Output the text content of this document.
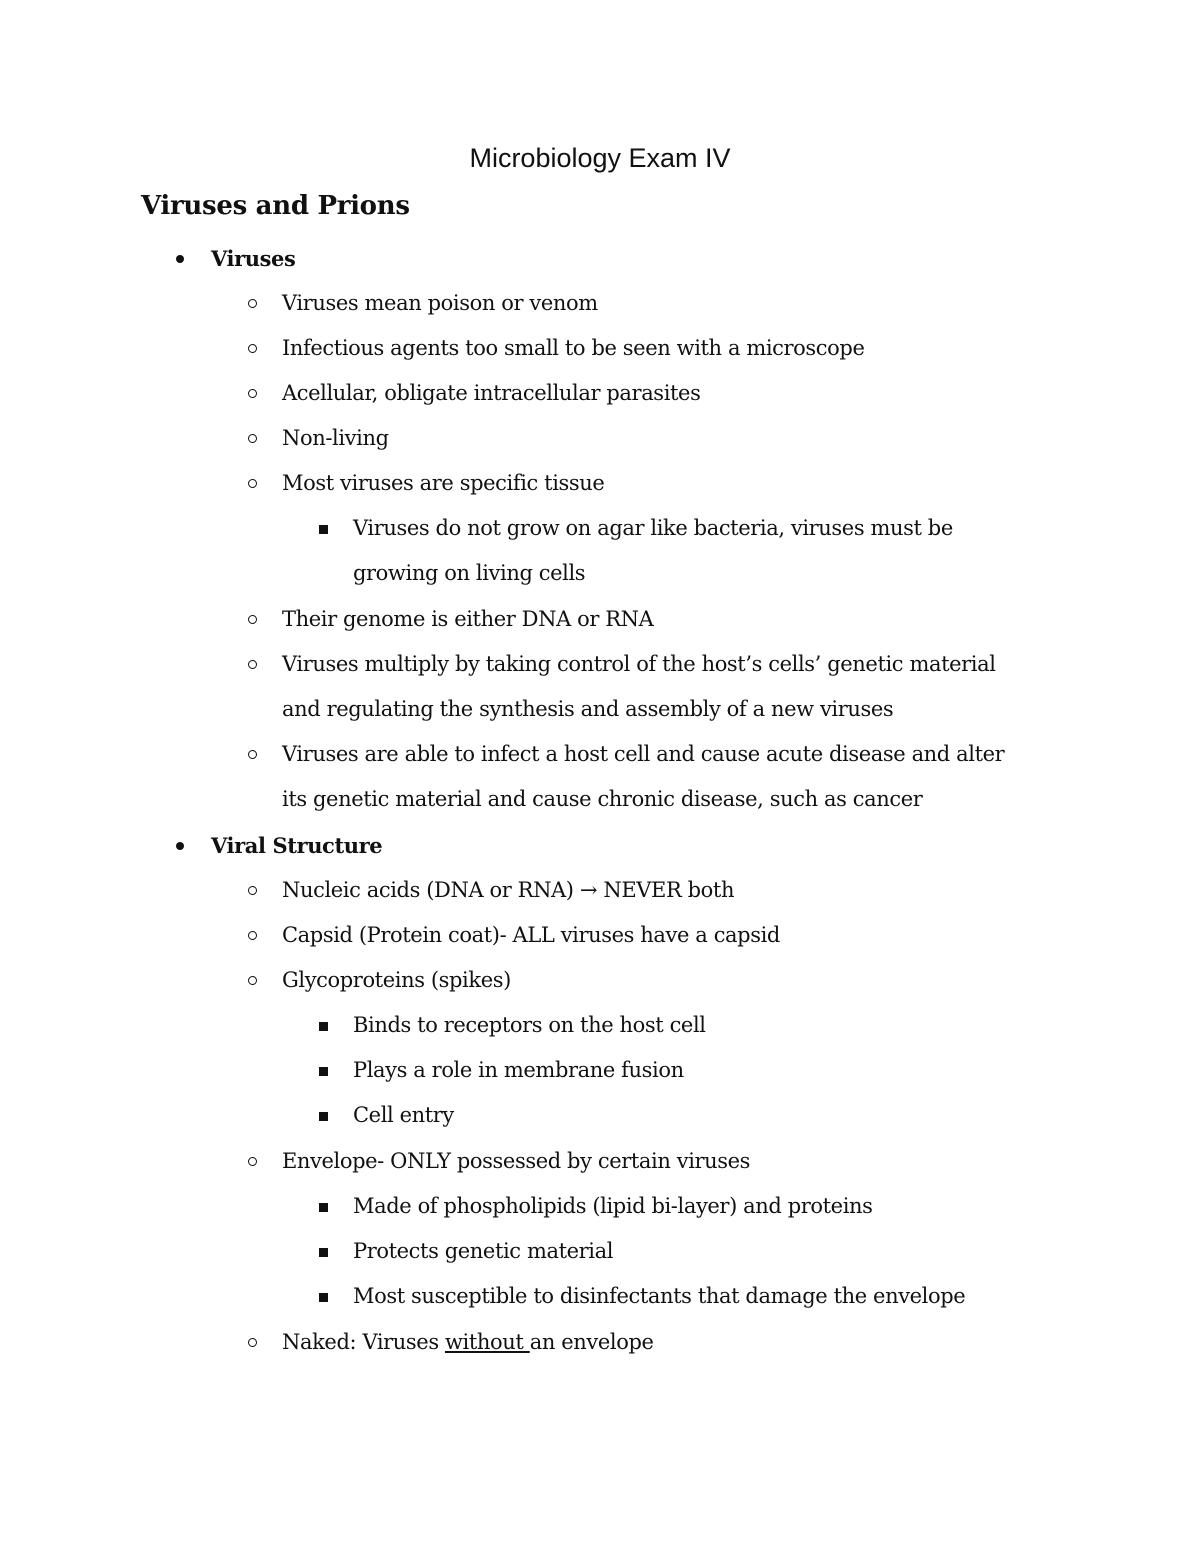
Microbiology Exam IV
Viruses and Prions
Viruses
Viruses mean poison or venom
Infectious agents too small to be seen with a microscope
Acellular, obligate intracellular parasites
Non-living
Most viruses are specific tissue
Viruses do not grow on agar like bacteria, viruses must be
growing on living cells
Their genome is either DNA or RNA
Viruses multiply by taking control of the host’s cells’ genetic material
and regulating the synthesis and assembly of a new viruses
Viruses are able to infect a host cell and cause acute disease and alter
its genetic material and cause chronic disease, such as cancer
Viral Structure
Nucleic acids (DNA or RNA) → NEVER both
Capsid (Protein coat)- ALL viruses have a capsid
Glycoproteins (spikes)
Binds to receptors on the host cell
Plays a role in membrane fusion
Cell entry
Envelope- ONLY possessed by certain viruses
Made of phospholipids (lipid bi-layer) and proteins
Protects genetic material
Most susceptible to disinfectants that damage the envelope
Naked: Viruses without an envelope
